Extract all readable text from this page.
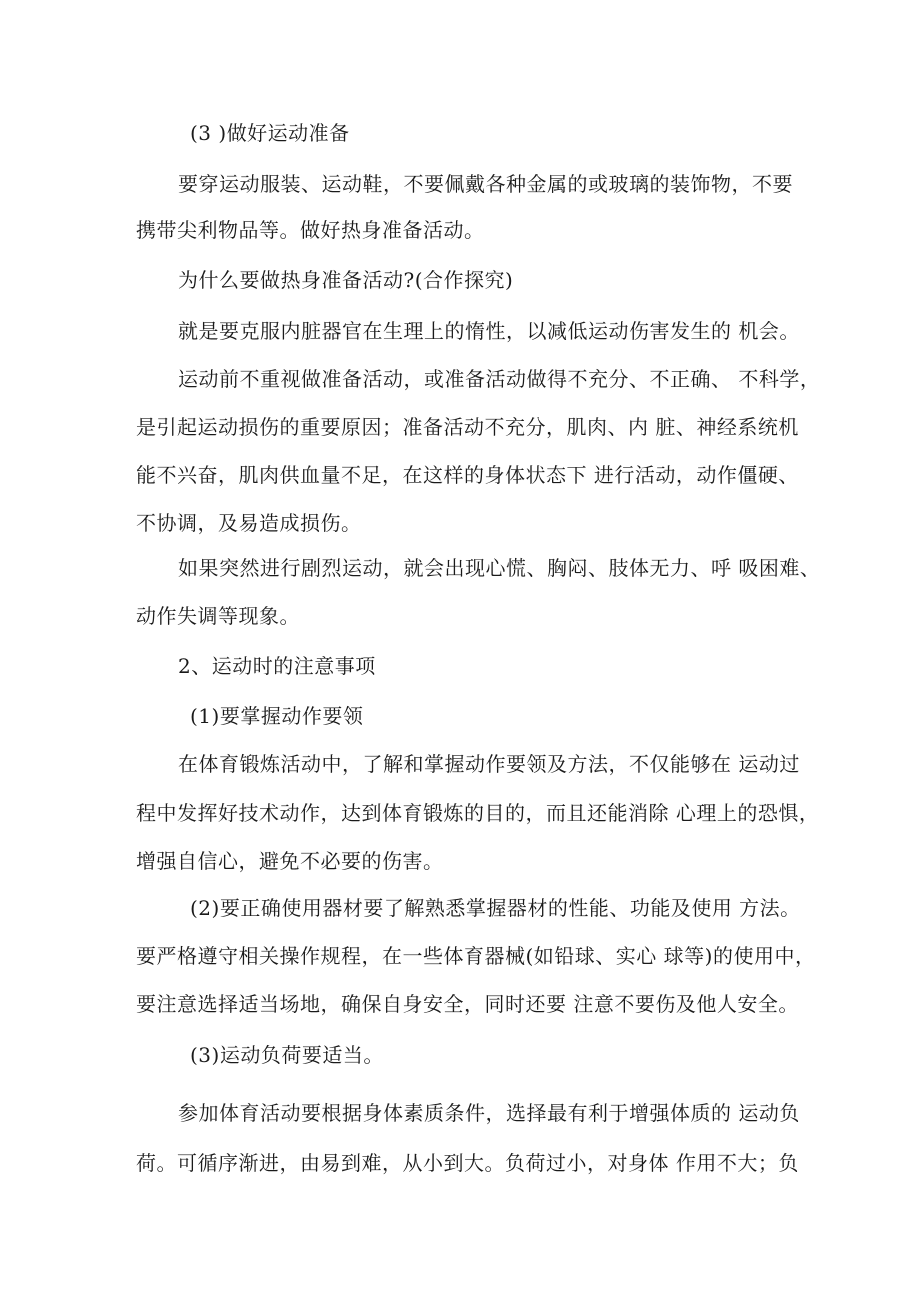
(3 )做好运动准备
要穿运动服装、运动鞋，不要佩戴各种金属的或玻璃的装饰物，不要
携带尖利物品等。做好热身准备活动。
为什么要做热身准备活动?(合作探究)
就是要克服内脏器官在生理上的惰性，以减低运动伤害发生的 机会。
运动前不重视做准备活动，或准备活动做得不充分、不正确、 不科学，
是引起运动损伤的重要原因；准备活动不充分，肌肉、内 脏、神经系统机
能不兴奋，肌肉供血量不足，在这样的身体状态下 进行活动，动作僵硬、
不协调，及易造成损伤。
如果突然进行剧烈运动，就会出现心慌、胸闷、肢体无力、呼 吸困难、
动作失调等现象。
2、运动时的注意事项
(1)要掌握动作要领
在体育锻炼活动中，了解和掌握动作要领及方法，不仅能够在 运动过
程中发挥好技术动作，达到体育锻炼的目的，而且还能消除 心理上的恐惧，
增强自信心，避免不必要的伤害。
(2)要正确使用器材要了解熟悉掌握器材的性能、功能及使用 方法。
要严格遵守相关操作规程，在一些体育器械(如铅球、实心 球等)的使用中，
要注意选择适当场地，确保自身安全，同时还要 注意不要伤及他人安全。
(3)运动负荷要适当。
参加体育活动要根据身体素质条件，选择最有利于增强体质的 运动负
荷。可循序渐进，由易到难，从小到大。负荷过小，对身体 作用不大；负
